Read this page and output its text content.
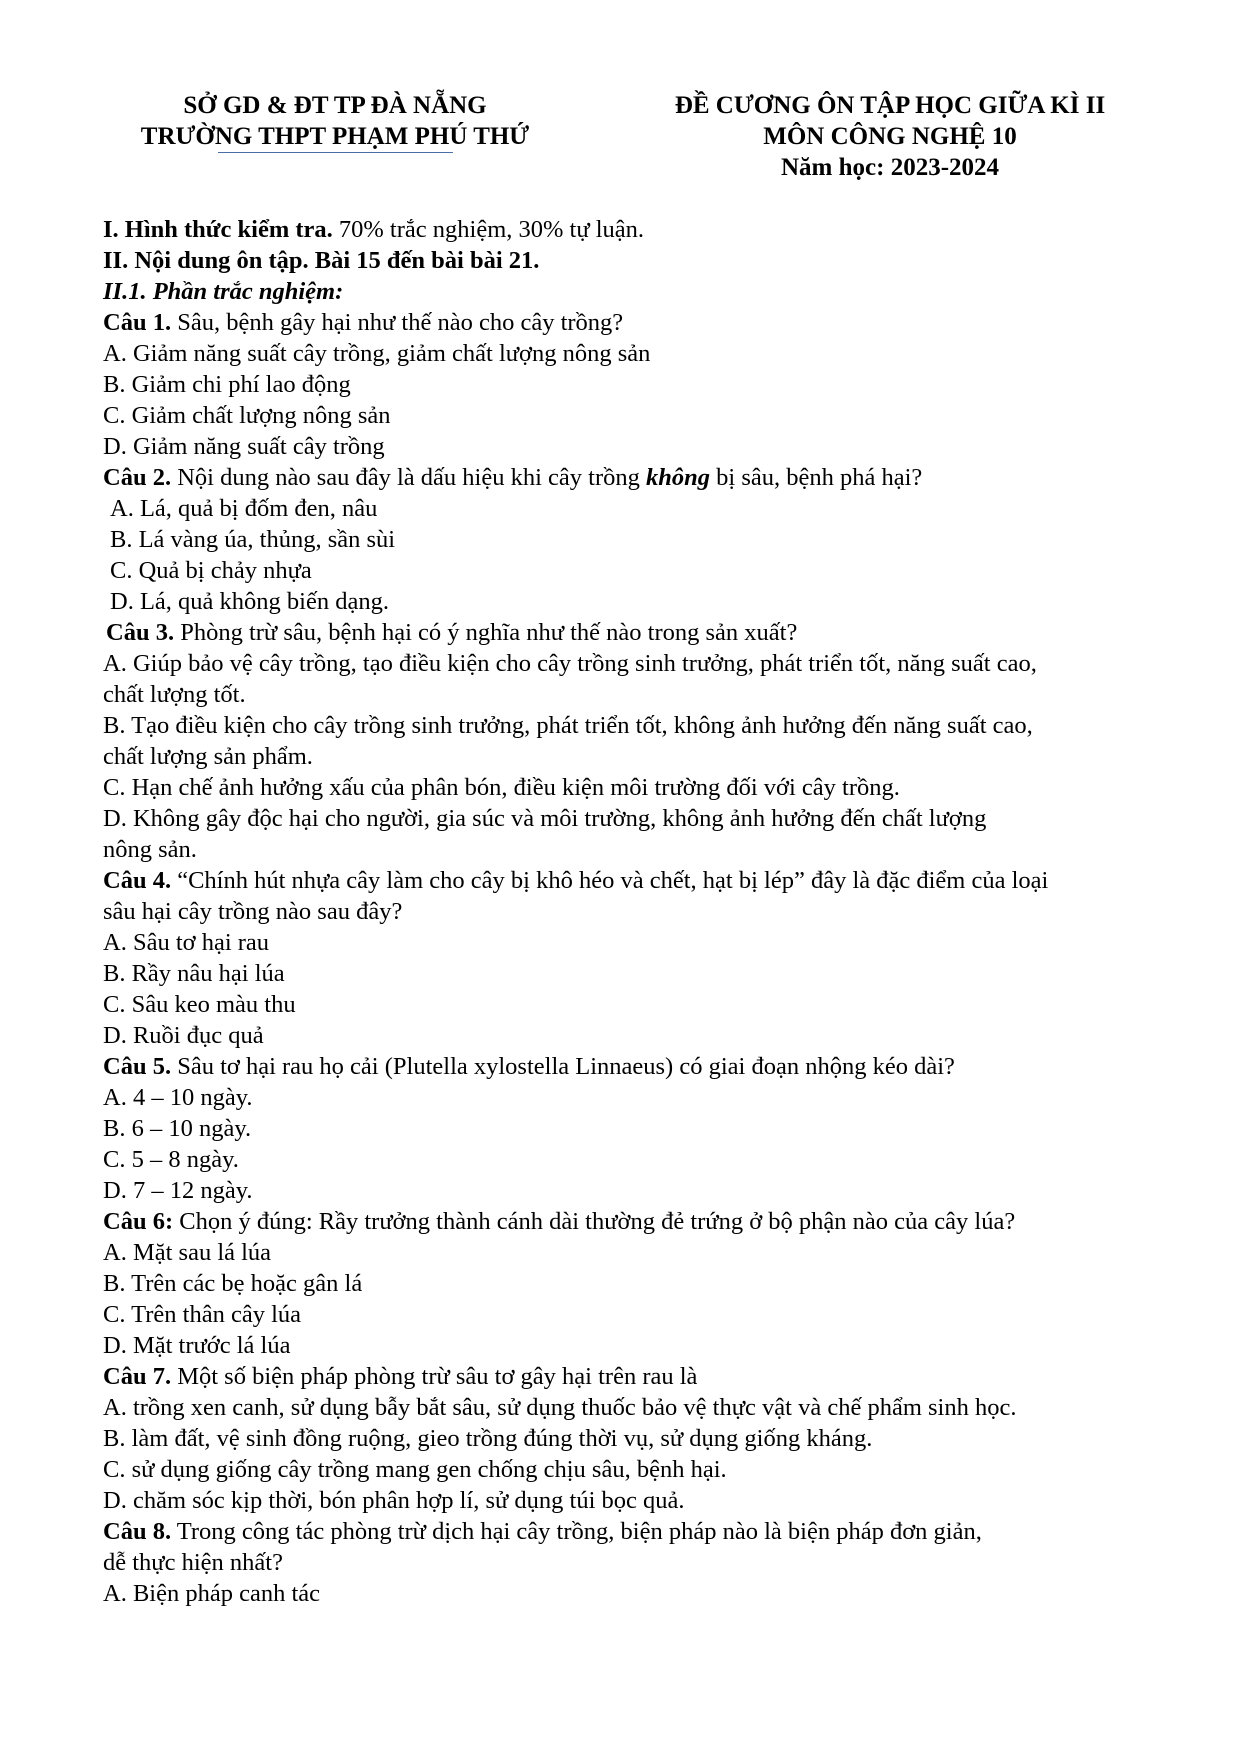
SỞ GD & ĐT TP ĐÀ NẴNG
TRƯỜNG THPT PHẠM PHÚ THỨ
ĐỀ CƯƠNG ÔN TẬP HỌC GIỮA KÌ II
MÔN CÔNG NGHỆ 10
Năm học: 2023-2024

I. Hình thức kiểm tra. 70% trắc nghiệm, 30% tự luận.

II. Nội dung ôn tập. Bài 15 đến bài bài 21.

II.1. Phần trắc nghiệm:

Câu 1. Sâu, bệnh gây hại như thế nào cho cây trồng?

A. Giảm năng suất cây trồng, giảm chất lượng nông sản

B. Giảm chi phí lao động

C. Giảm chất lượng nông sản

D. Giảm năng suất cây trồng

Câu 2. Nội dung nào sau đây là dấu hiệu khi cây trồng không bị sâu, bệnh phá hại?

A. Lá, quả bị đốm đen, nâu

B. Lá vàng úa, thủng, sần sùi

C. Quả bị chảy nhựa

D. Lá, quả không biến dạng.

Câu 3. Phòng trừ sâu, bệnh hại có ý nghĩa như thế nào trong sản xuất?

A. Giúp bảo vệ cây trồng, tạo điều kiện cho cây trồng sinh trưởng, phát triển tốt, năng suất cao,

chất lượng tốt.

B. Tạo điều kiện cho cây trồng sinh trưởng, phát triển tốt, không ảnh hưởng đến năng suất cao,

chất lượng sản phẩm.

C. Hạn chế ảnh hưởng xấu của phân bón, điều kiện môi trường đối với cây trồng.

D. Không gây độc hại cho người, gia súc và môi trường, không ảnh hưởng đến chất lượng

nông sản.

Câu 4. “Chính hút nhựa cây làm cho cây bị khô héo và chết, hạt bị lép” đây là đặc điểm của loại

sâu hại cây trồng nào sau đây?

A. Sâu tơ hại rau

B. Rầy nâu hại lúa

C. Sâu keo màu thu

D. Ruồi đục quả

Câu 5. Sâu tơ hại rau họ cải (Plutella xylostella Linnaeus) có giai đoạn nhộng kéo dài?

A. 4 – 10 ngày.

B. 6 – 10 ngày.

C. 5 – 8 ngày.

D. 7 – 12 ngày.

Câu 6: Chọn ý đúng: Rầy trưởng thành cánh dài thường đẻ trứng ở bộ phận nào của cây lúa?

A. Mặt sau lá lúa

B. Trên các bẹ hoặc gân lá

C. Trên thân cây lúa

D. Mặt trước lá lúa

Câu 7. Một số biện pháp phòng trừ sâu tơ gây hại trên rau là

A. trồng xen canh, sử dụng bẫy bắt sâu, sử dụng thuốc bảo vệ thực vật và chế phẩm sinh học.

B. làm đất, vệ sinh đồng ruộng, gieo trồng đúng thời vụ, sử dụng giống kháng.

C. sử dụng giống cây trồng mang gen chống chịu sâu, bệnh hại.

D. chăm sóc kịp thời, bón phân hợp lí, sử dụng túi bọc quả.

Câu 8. Trong công tác phòng trừ dịch hại cây trồng, biện pháp nào là biện pháp đơn giản,

dễ thực hiện nhất?

A. Biện pháp canh tác
